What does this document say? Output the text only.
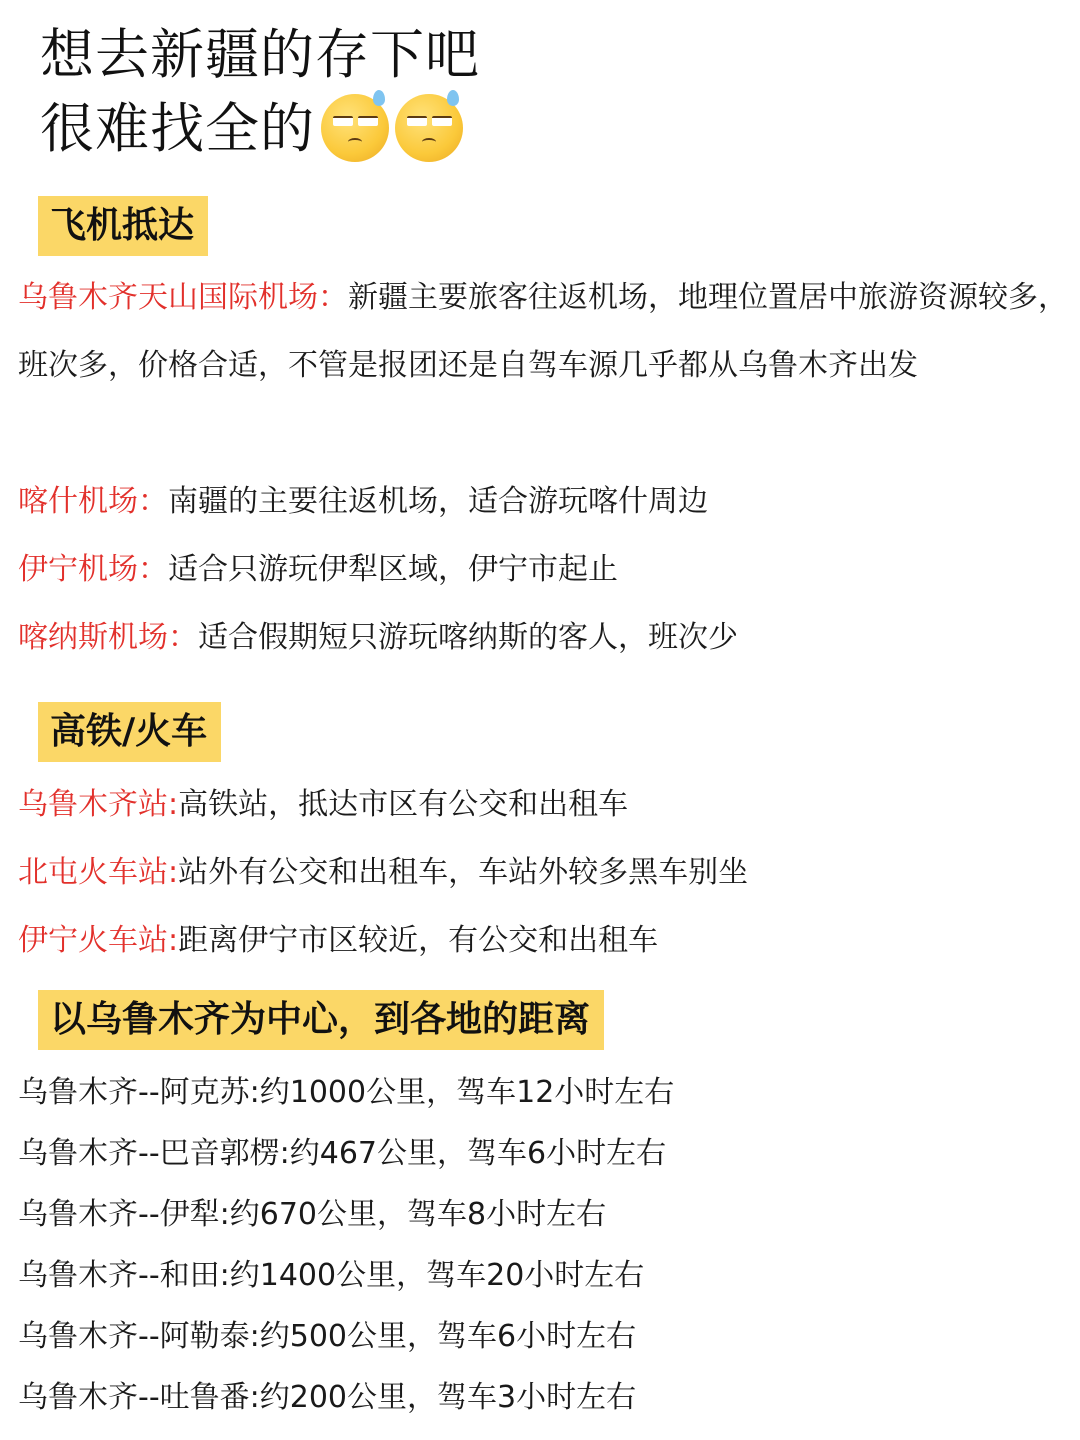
想去新疆的存下吧
很难找全的
飞机抵达
乌鲁木齐天山国际机场：新疆主要旅客往返机场，地理位置居中旅游资源较多，班次多，价格合适，不管是报团还是自驾车源几乎都从乌鲁木齐出发
喀什机场：南疆的主要往返机场，适合游玩喀什周边
伊宁机场：适合只游玩伊犁区域，伊宁市起止
喀纳斯机场：适合假期短只游玩喀纳斯的客人，班次少
高铁/火车
乌鲁木齐站:高铁站，抵达市区有公交和出租车
北屯火车站:站外有公交和出租车，车站外较多黑车别坐
伊宁火车站:距离伊宁市区较近，有公交和出租车
以乌鲁木齐为中心，到各地的距离
乌鲁木齐--阿克苏:约1000公里，驾车12小时左右
乌鲁木齐--巴音郭楞:约467公里，驾车6小时左右
乌鲁木齐--伊犁:约670公里，驾车8小时左右
乌鲁木齐--和田:约1400公里，驾车20小时左右
乌鲁木齐--阿勒泰:约500公里，驾车6小时左右
乌鲁木齐--吐鲁番:约200公里，驾车3小时左右
